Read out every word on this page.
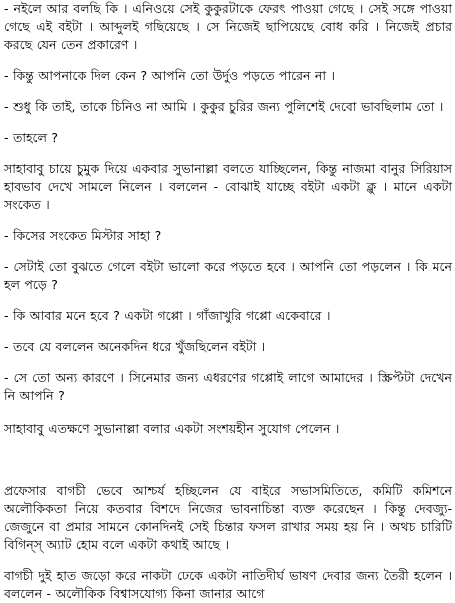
- নইলে আর বলছি কি । এনিওয়ে সেই কুকুরটাকে ফেরৎ পাওয়া গেছে । সেই সঙ্গে পাওয়া গেছে এই বইটা । আব্দুলই গছিয়েছে । সে নিজেই ছাপিয়েছে বোধ করি । নিজেই প্রচার করছে যেন তেন প্রকারেণ ।

- কিন্তু আপনাকে দিল কেন ? আপনি তো উর্দুও পড়তে পারেন না ।

- শুধু কি তাই, তাকে চিনিও না আমি । কুকুর চুরির জন্য পুলিশেই দেবো ভাবছিলাম তো ।

- তাহলে ?

সাহাবাবু চায়ে চুমুক দিয়ে একবার সুভানাল্লা বলতে যাচ্ছিলেন, কিন্তু নাজমা বানুর সিরিয়াস হাবভাব দেখে সামলে নিলেন । বললেন - বোঝাই যাচ্ছে বইটা একটা ক্লু । মানে একটা সংকেত ।

- কিসের সংকেত মিস্টার সাহা ?

- সেটাই তো বুঝতে গেলে বইটা ভালো করে পড়তে হবে । আপনি তো পড়লেন । কি মনে হল পড়ে ?

- কি আবার মনে হবে ? একটা গপ্পো । গাঁজাখুরি গপ্পো একেবারে ।

- তবে যে বললেন অনেকদিন ধরে খুঁজছিলেন বইটা ।

- সে তো অন্য কারণে । সিনেমার জন্য এধরণের গপ্পোই লাগে আমাদের । স্ক্রিপ্টটা দেখেন নি আপনি ?

সাহাবাবু এতক্ষণে সুভানাল্লা বলার একটা সংশয়হীন সুযোগ পেলেন ।

প্রফেসার বাগচী ভেবে আশ্চর্য হচ্ছিলেন যে বাইরে সভাসমিতিতে, কমিটি কমিশনে অলৌকিকতা নিয়ে কতবার বিশদে নিজের ভাবনাচিন্তা ব্যক্ত করেছেন । কিন্তু দেবজ্যু-জেজুনে বা প্রমার সামনে কোনদিনই সেই চিন্তার ফসল রাখার সময় হয় নি । অথচ চারিটি বিগিন্‌স্‌ অ্যাট হোম বলে একটা কথাই আছে ।

বাগচী দুই হাত জড়ো করে নাকটা ঢেকে একটা নাতিদীর্ঘ ভাষণ দেবার জন্য তৈরী হলেন । বললেন - অলৌকিক বিশ্বাসযোগ্য কিনা জানার আগে
